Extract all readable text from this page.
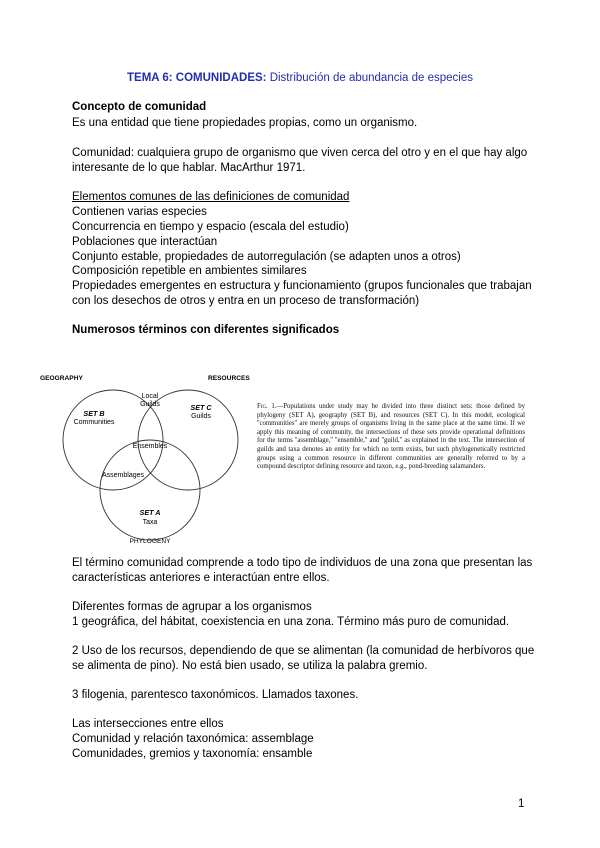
TEMA 6: COMUNIDADES: Distribución de abundancia de especies
Concepto de comunidad
Es una entidad que tiene propiedades propias, como un organismo.
Comunidad: cualquiera grupo de organismo que viven cerca del otro y en el que hay algo
interesante de lo que hablar. MacArthur 1971.
Elementos comunes de las definiciones de comunidad
Contienen varias especies
Concurrencia en tiempo y espacio (escala del estudio)
Poblaciones que interactúan
Conjunto estable, propiedades de autorregulación (se adapten unos a otros)
Composición repetible en ambientes similares
Propiedades emergentes en estructura y funcionamiento (grupos funcionales que trabajan
con los desechos de otros y entra en un proceso de transformación)
Numerosos términos con diferentes significados
GEOGRAPHY	RESOURCES
PHYLOGENY
SET B
Communities
SET C
Guilds
Local
Guilds
Ensembles
Assemblages
SET A
Taxa
Fig. 1.—Populations under study may be divided into three distinct sets: those defined by phylogeny (SET A), geography (SET B), and resources (SET C). In this model, ecological ''communities'' are merely groups of organisms living in the same place at the same time. If we apply this meaning of community, the intersections of these sets provide operational definitions for the terms ''assemblage,'' ''ensemble,'' and ''guild,'' as explained in the text. The intersection of guilds and taxa denotes an entity for which no term exists, but such phylogenetically restricted groups using a common resource in different communities are generally referred to by a compound descriptor defining resource and taxon, e.g., pond-breeding salamanders.
El término comunidad comprende a todo tipo de individuos de una zona que presentan las
características anteriores e interactúan entre ellos.
Diferentes formas de agrupar a los organismos
1 geográfica, del hábitat, coexistencia en una zona. Término más puro de comunidad.
2 Uso de los recursos, dependiendo de que se alimentan (la comunidad de herbívoros que
se alimenta de pino). No está bien usado, se utiliza la palabra gremio.
3 filogenia, parentesco taxonómicos. Llamados taxones.
Las intersecciones entre ellos
Comunidad y relación taxonómica: assemblage
Comunidades, gremios y taxonomía: ensamble
1
